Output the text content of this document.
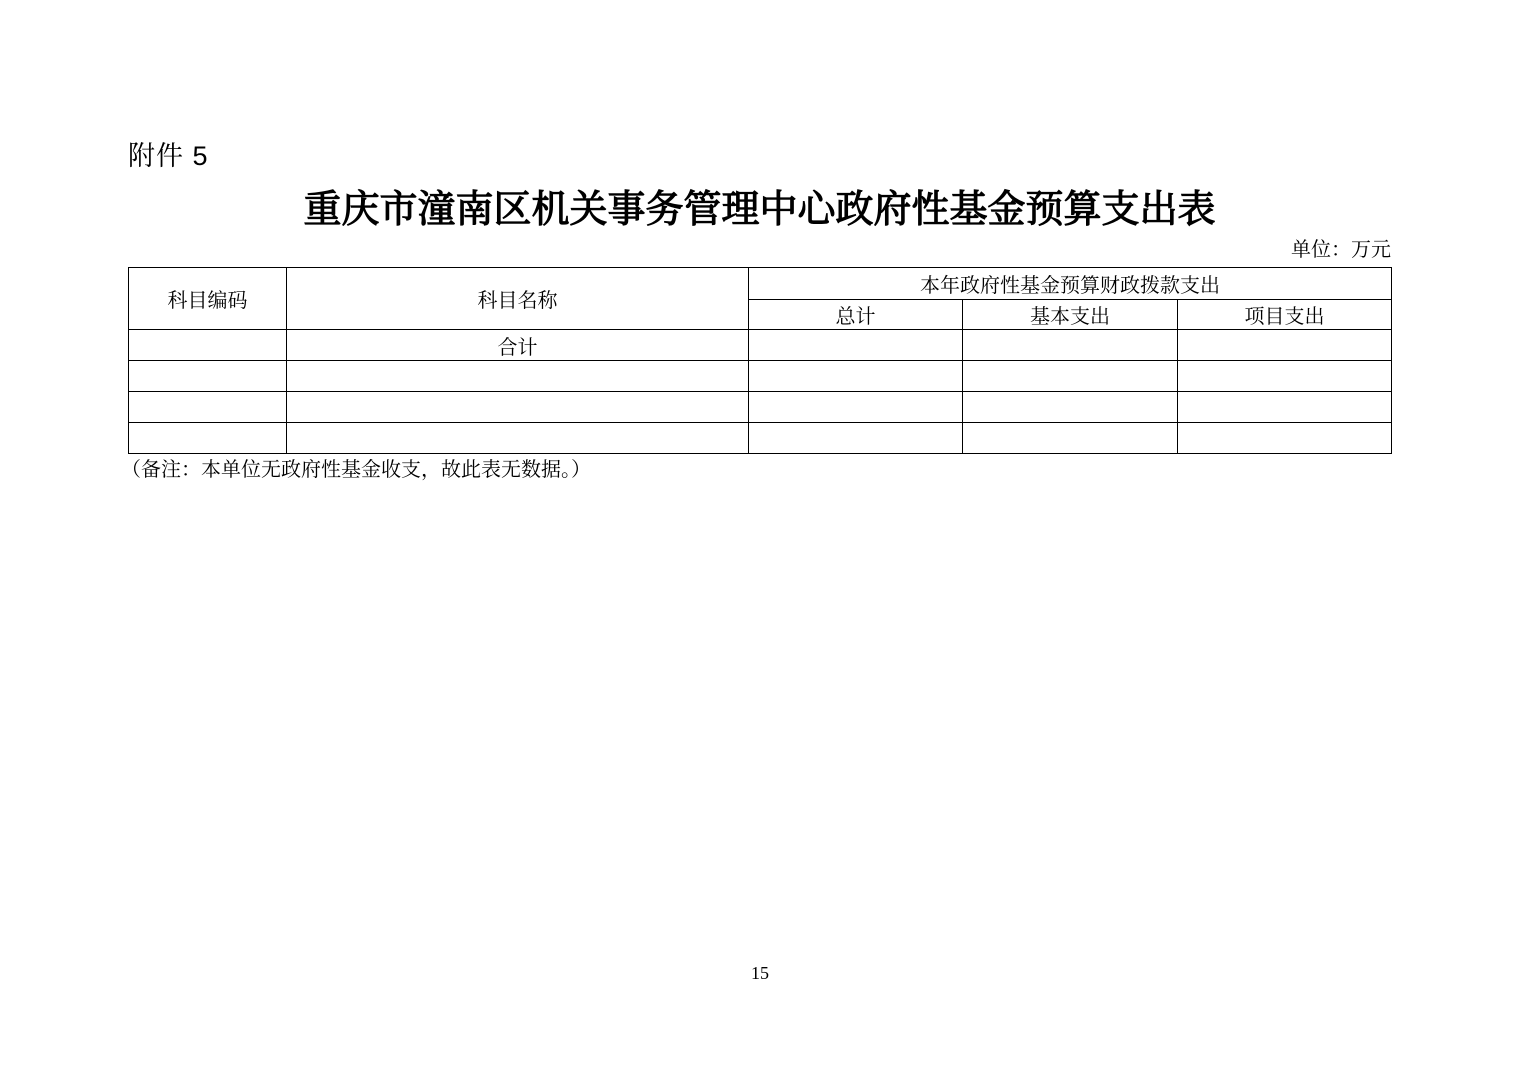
附件 5
重庆市潼南区机关事务管理中心政府性基金预算支出表
单位：万元
科目编码	科目名称	本年政府性基金预算财政拨款支出		
		总计	基本支出	项目支出
	合计			

（备注：本单位无政府性基金收支，故此表无数据。）
15
